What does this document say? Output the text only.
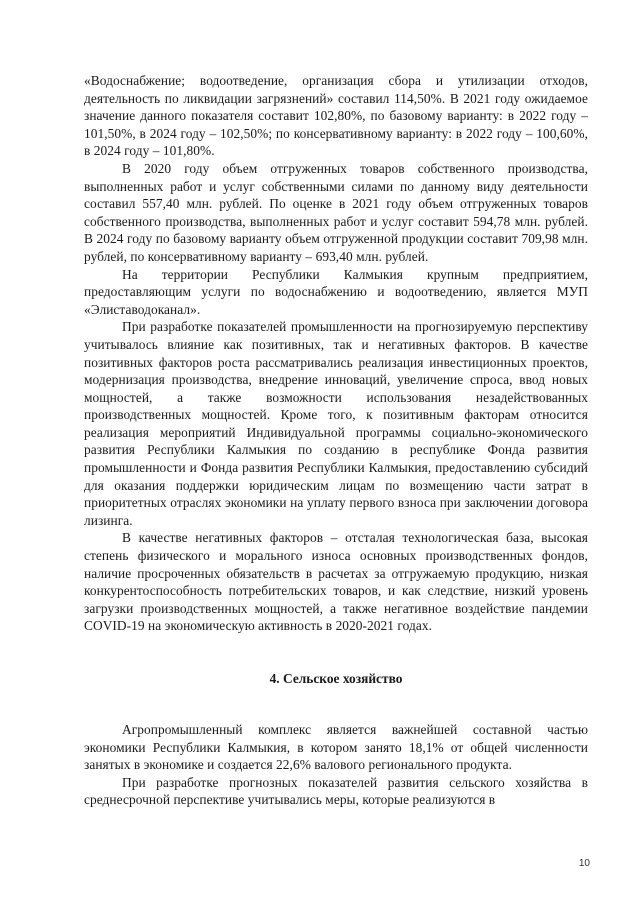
«Водоснабжение; водоотведение, организация сбора и утилизации отходов, деятельность по ликвидации загрязнений» составил 114,50%. В 2021 году ожидаемое значение данного показателя составит 102,80%, по базовому варианту: в 2022 году – 101,50%, в 2024 году – 102,50%; по консервативному варианту: в 2022 году – 100,60%, в 2024 году – 101,80%.

В 2020 году объем отгруженных товаров собственного производства, выполненных работ и услуг собственными силами по данному виду деятельности составил 557,40 млн. рублей. По оценке в 2021 году объем отгруженных товаров собственного производства, выполненных работ и услуг составит 594,78 млн. рублей. В 2024 году по базовому варианту объем отгруженной продукции составит 709,98 млн. рублей, по консервативному варианту – 693,40 млн. рублей.

На территории Республики Калмыкия крупным предприятием, предоставляющим услуги по водоснабжению и водоотведению, является МУП «Элиставодоканал».

При разработке показателей промышленности на прогнозируемую перспективу учитывалось влияние как позитивных, так и негативных факторов. В качестве позитивных факторов роста рассматривались реализация инвестиционных проектов, модернизация производства, внедрение инноваций, увеличение спроса, ввод новых мощностей, а также возможности использования незадействованных производственных мощностей. Кроме того, к позитивным факторам относится реализация мероприятий Индивидуальной программы социально-экономического развития Республики Калмыкия по созданию в республике Фонда развития промышленности и Фонда развития Республики Калмыкия, предоставлению субсидий для оказания поддержки юридическим лицам по возмещению части затрат в приоритетных отраслях экономики на уплату первого взноса при заключении договора лизинга.

В качестве негативных факторов – отсталая технологическая база, высокая степень физического и морального износа основных производственных фондов, наличие просроченных обязательств в расчетах за отгружаемую продукцию, низкая конкурентоспособность потребительских товаров, и как следствие, низкий уровень загрузки производственных мощностей, а также негативное воздействие пандемии COVID-19 на экономическую активность в 2020-2021 годах.

4. Сельское хозяйство

Агропромышленный комплекс является важнейшей составной частью экономики Республики Калмыкия, в котором занято 18,1% от общей численности занятых в экономике и создается 22,6% валового регионального продукта.

При разработке прогнозных показателей развития сельского хозяйства в среднесрочной перспективе учитывались меры, которые реализуются в

10
